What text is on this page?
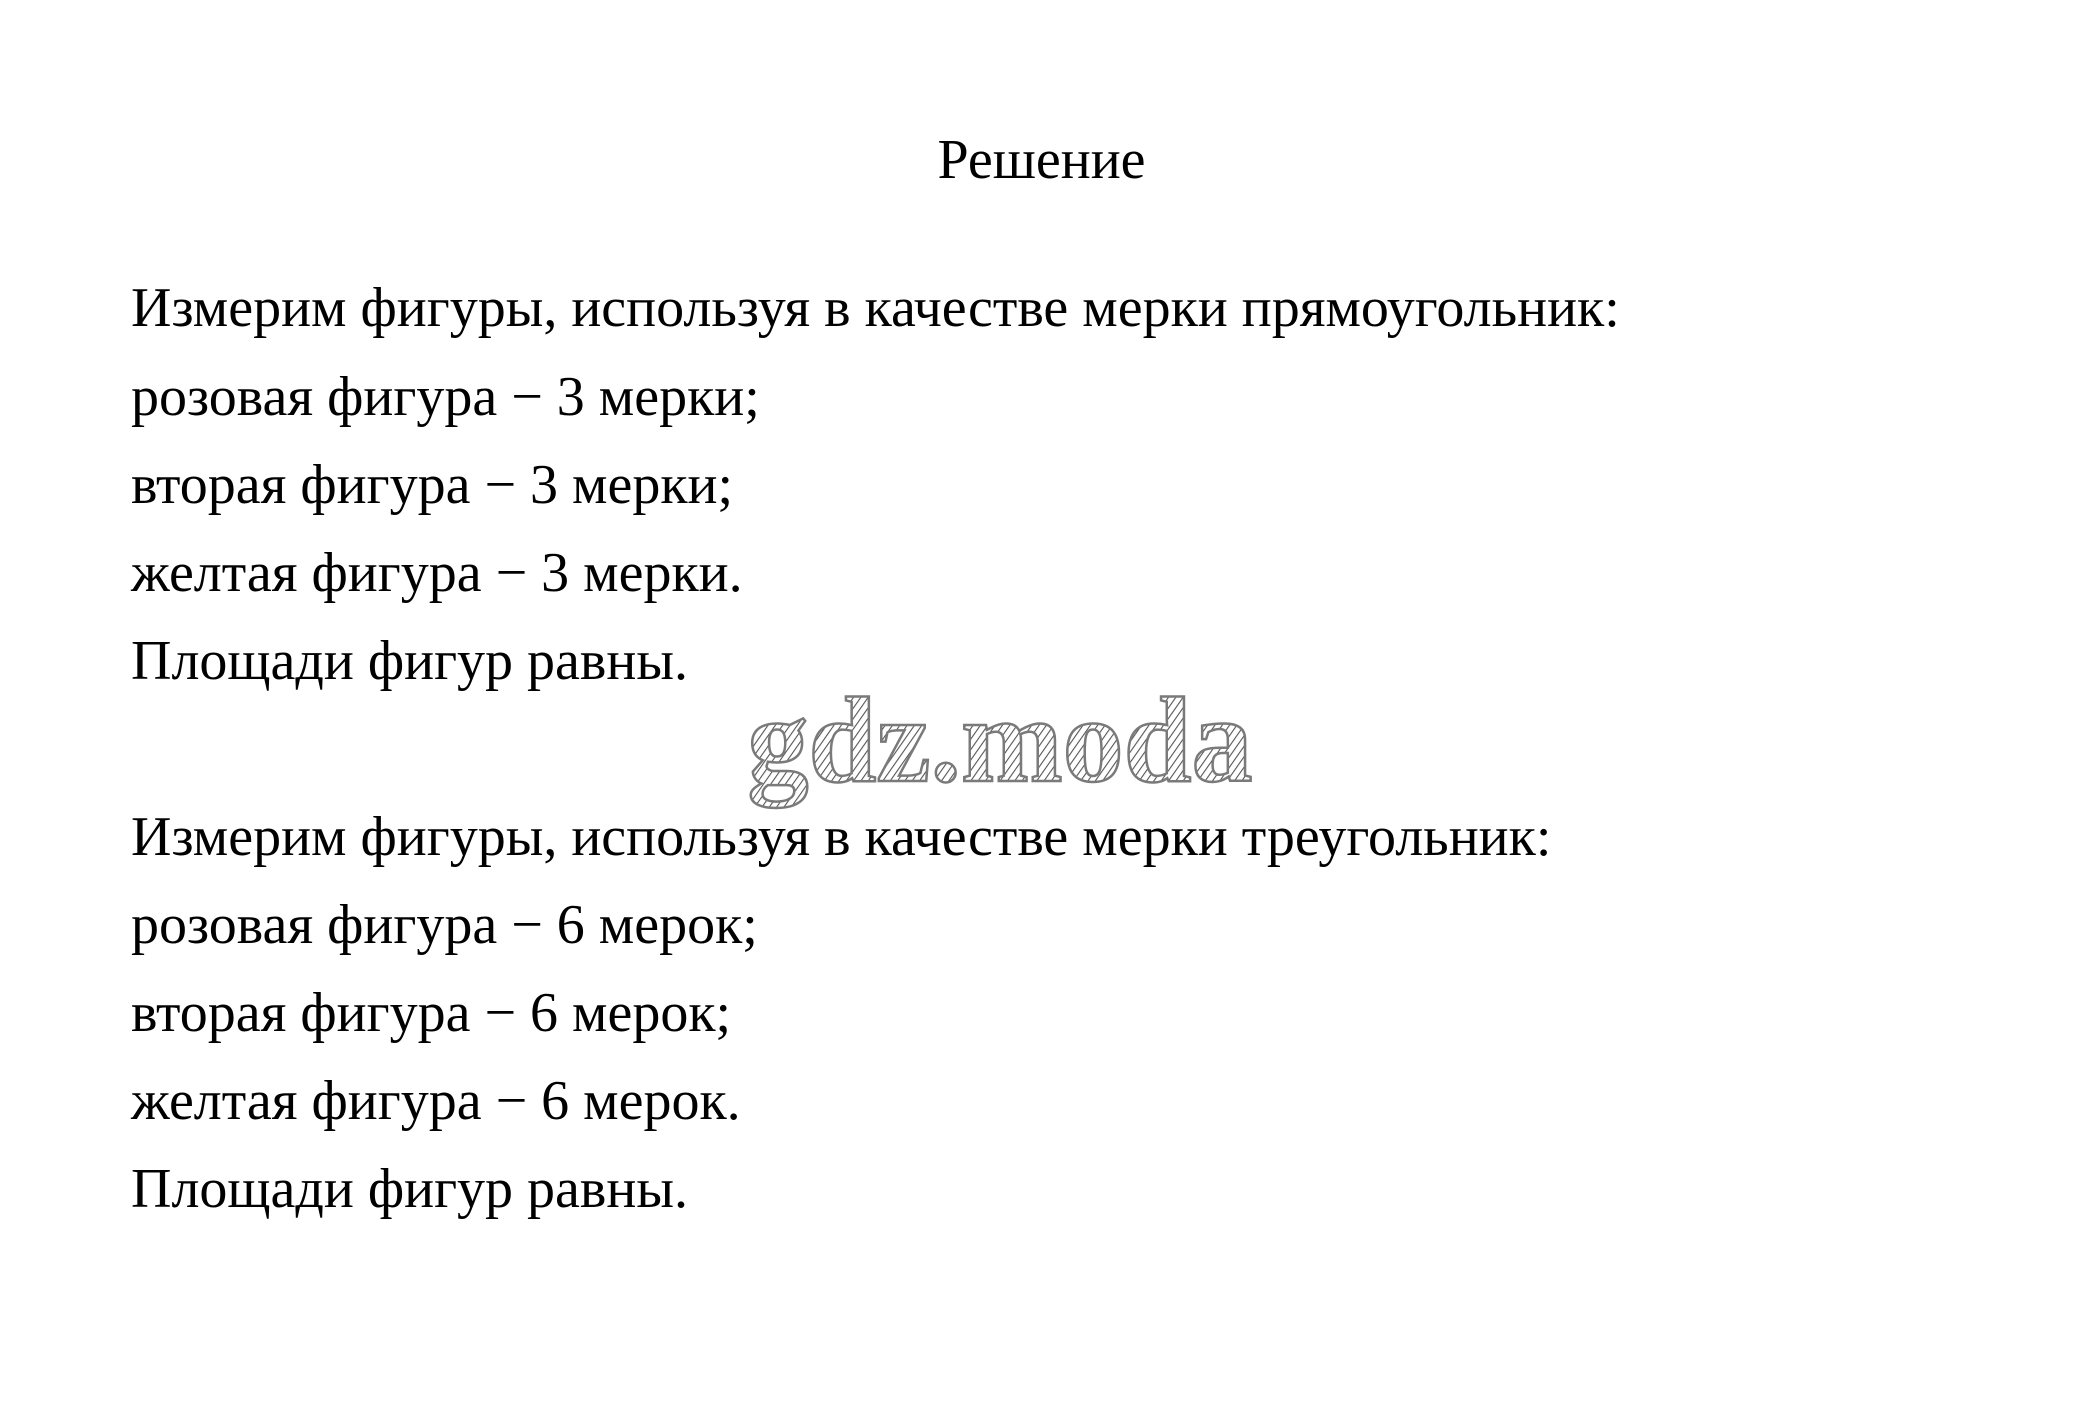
Решение
Измерим фигуры, используя в качестве мерки прямоугольник:
розовая фигура − 3 мерки;
вторая фигура − 3 мерки;
желтая фигура − 3 мерки.
Площади фигур равны.
gdz.moda
Измерим фигуры, используя в качестве мерки треугольник:
розовая фигура − 6 мерок;
вторая фигура − 6 мерок;
желтая фигура − 6 мерок.
Площади фигур равны.
